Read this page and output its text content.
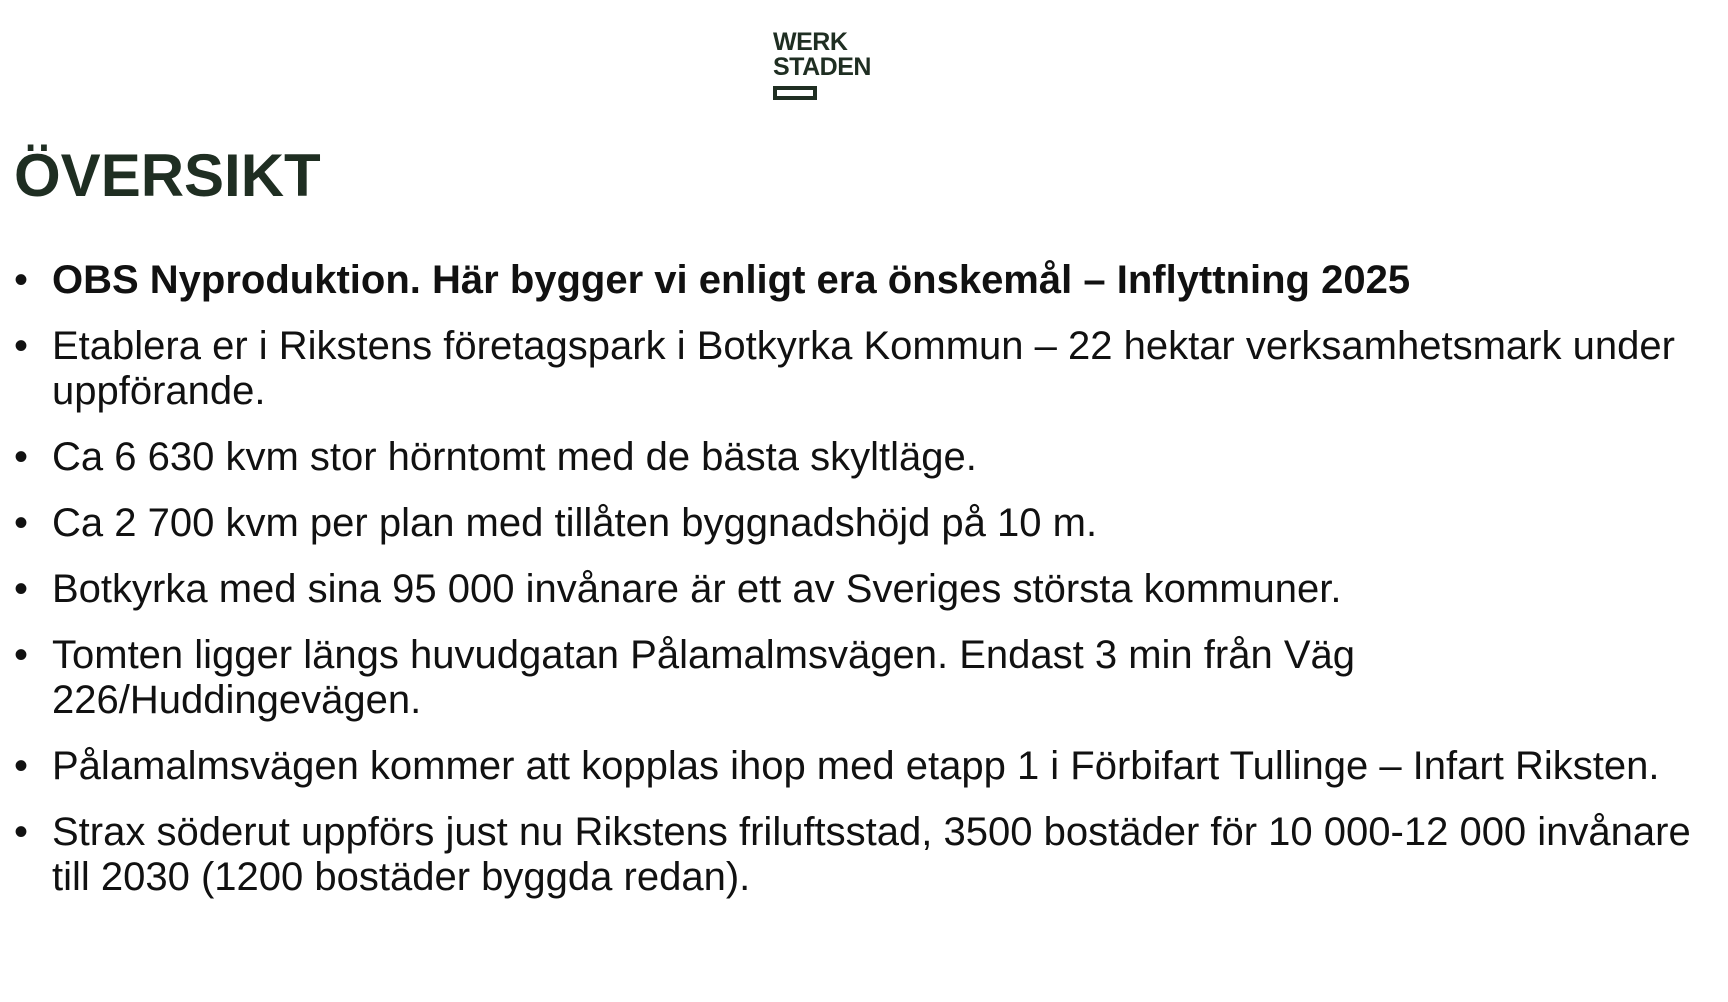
WERK
STADEN
ÖVERSIKT
• OBS Nyproduktion. Här bygger vi enligt era önskemål – Inflyttning 2025
• Etablera er i Rikstens företagspark i Botkyrka Kommun – 22 hektar verksamhetsmark under uppförande.
• Ca 6 630 kvm stor hörntomt med de bästa skyltläge.
• Ca 2 700 kvm per plan med tillåten byggnadshöjd på 10 m.
• Botkyrka med sina 95 000 invånare är ett av Sveriges största kommuner.
• Tomten ligger längs huvudgatan Pålamalmsvägen. Endast 3 min från Väg 226/Huddingevägen.
• Pålamalmsvägen kommer att kopplas ihop med etapp 1 i Förbifart Tullinge – Infart Riksten.
• Strax söderut uppförs just nu Rikstens friluftsstad, 3500 bostäder för 10 000-12 000 invånare till 2030 (1200 bostäder byggda redan).
